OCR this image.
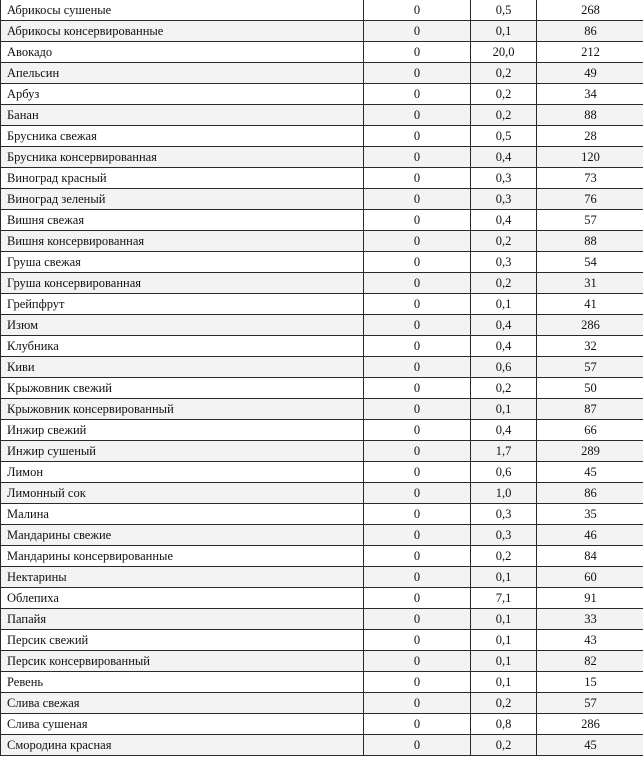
Абрикосы сушеные	0	0,5	268
Абрикосы консервированные	0	0,1	86
Авокадо	0	20,0	212
Апельсин	0	0,2	49
Арбуз	0	0,2	34
Банан	0	0,2	88
Брусника свежая	0	0,5	28
Брусника консервированная	0	0,4	120
Виноград красный	0	0,3	73
Виноград зеленый	0	0,3	76
Вишня свежая	0	0,4	57
Вишня консервированная	0	0,2	88
Груша свежая	0	0,3	54
Груша консервированная	0	0,2	31
Грейпфрут	0	0,1	41
Изюм	0	0,4	286
Клубника	0	0,4	32
Киви	0	0,6	57
Крыжовник свежий	0	0,2	50
Крыжовник консервированный	0	0,1	87
Инжир свежий	0	0,4	66
Инжир сушеный	0	1,7	289
Лимон	0	0,6	45
Лимонный сок	0	1,0	86
Малина	0	0,3	35
Мандарины свежие	0	0,3	46
Мандарины консервированные	0	0,2	84
Нектарины	0	0,1	60
Облепиха	0	7,1	91
Папайя	0	0,1	33
Персик свежий	0	0,1	43
Персик консервированный	0	0,1	82
Ревень	0	0,1	15
Слива свежая	0	0,2	57
Слива сушеная	0	0,8	286
Смородина красная	0	0,2	45
